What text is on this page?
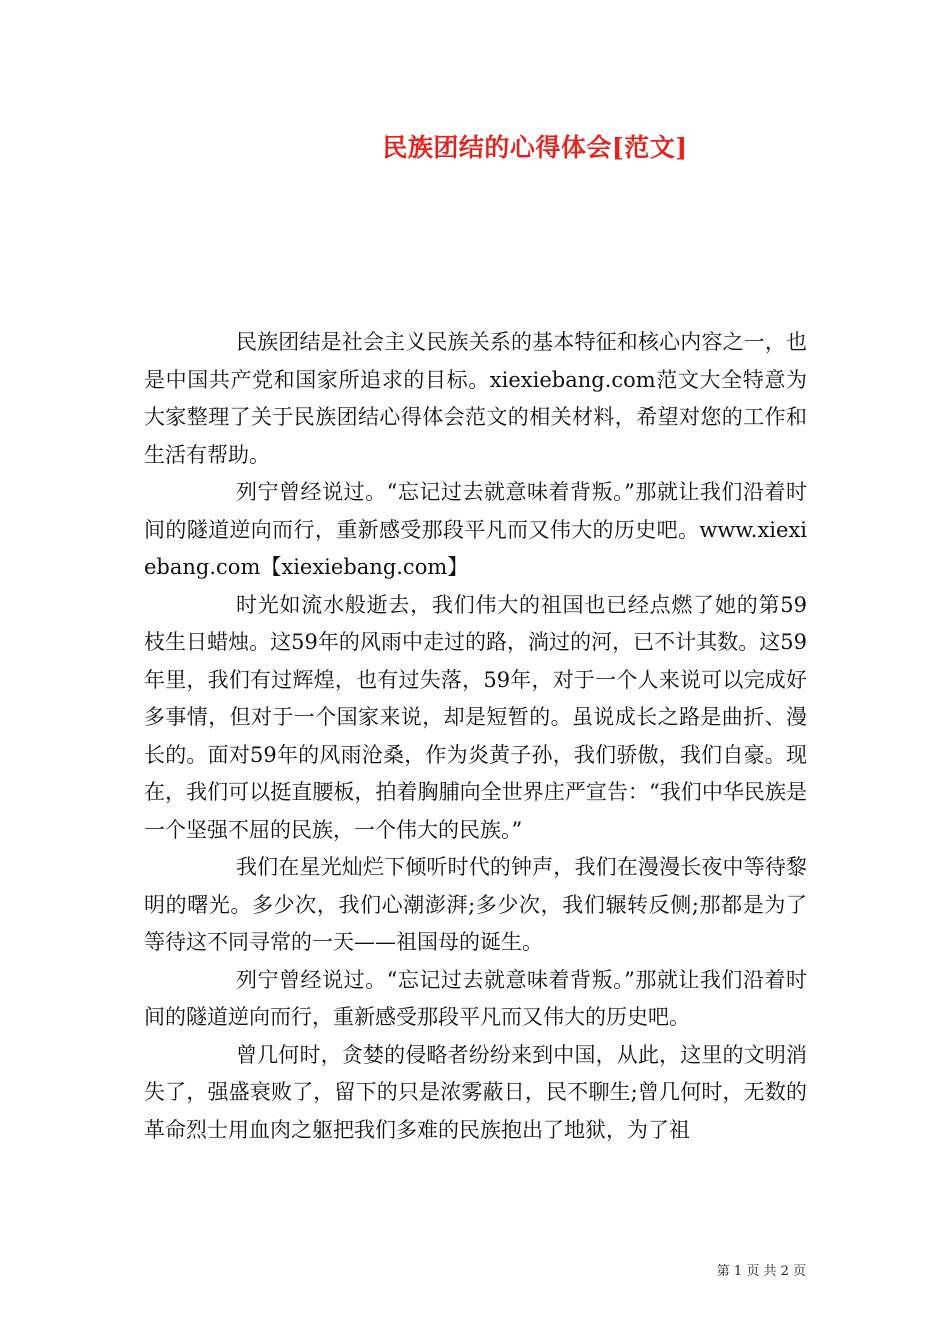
民族团结的心得体会[范文]

民族团结是社会主义民族关系的基本特征和核心内容之一，也是中国共产党和国家所追求的目标。xiexiebang.com范文大全特意为大家整理了关于民族团结心得体会范文的相关材料，希望对您的工作和生活有帮助。

列宁曾经说过。“忘记过去就意味着背叛。”那就让我们沿着时间的隧道逆向而行，重新感受那段平凡而又伟大的历史吧。www.xiexiebang.com【xiexiebang.com】

时光如流水般逝去，我们伟大的祖国也已经点燃了她的第59枝生日蜡烛。这59年的风雨中走过的路，淌过的河，已不计其数。这59年里，我们有过辉煌，也有过失落，59年，对于一个人来说可以完成好多事情，但对于一个国家来说，却是短暂的。虽说成长之路是曲折、漫长的。面对59年的风雨沧桑，作为炎黄子孙，我们骄傲，我们自豪。现在，我们可以挺直腰板，拍着胸脯向全世界庄严宣告：“我们中华民族是一个坚强不屈的民族，一个伟大的民族。”

我们在星光灿烂下倾听时代的钟声，我们在漫漫长夜中等待黎明的曙光。多少次，我们心潮澎湃;多少次，我们辗转反侧;那都是为了等待这不同寻常的一天——祖国母的诞生。

列宁曾经说过。“忘记过去就意味着背叛。”那就让我们沿着时间的隧道逆向而行，重新感受那段平凡而又伟大的历史吧。

曾几何时，贪婪的侵略者纷纷来到中国，从此，这里的文明消失了，强盛衰败了，留下的只是浓雾蔽日，民不聊生;曾几何时，无数的革命烈士用血肉之躯把我们多难的民族抱出了地狱，为了祖

第 1 页 共 2 页
